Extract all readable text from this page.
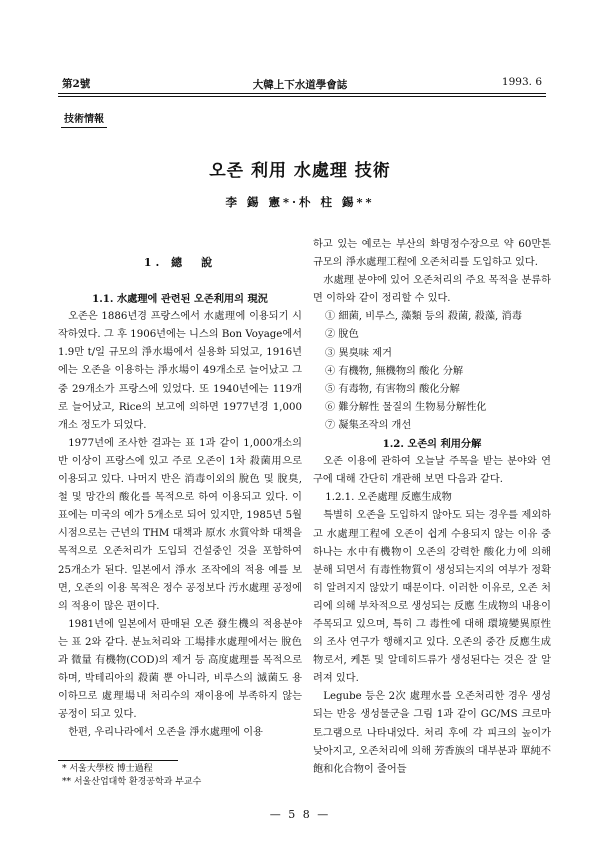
第2號	大韓上下水道學會誌	1993. 6
技術情報
오존 利用 水處理 技術
李 錫 憲*·朴 柱 錫**

1. 總　說

1.1. 水處理에 관련된 오존利用의 現況

오존은 1886년경 프랑스에서 水處理에 이용되기 시작하였다. 그 후 1906년에는 니스의 Bon Voyage에서 1.9만 t/일 규모의 淨水場에서 실용화 되었고, 1916년에는 오존을 이용하는 淨水場이 49개소로 늘어났고 그 중 29개소가 프랑스에 있었다. 또 1940년에는 119개로 늘어났고, Rice의 보고에 의하면 1977년경 1,000개소 정도가 되었다.

1977년에 조사한 결과는 표 1과 같이 1,000개소의 반 이상이 프랑스에 있고 주로 오존이 1차 殺菌用으로 이용되고 있다. 나머지 반은 消毒이외의 脫色 및 脫臭, 철 및 망간의 酸化를 목적으로 하여 이용되고 있다. 이 표에는 미국의 예가 5개소로 되어 있지만, 1985년 5월 시점으로는 근년의 THM 대책과 原水 水質악화 대책을 목적으로 오존처리가 도입되 건설중인 것을 포함하여 25개소가 된다. 일본에서 淨水 조작에의 적용 예를 보면, 오존의 이용 목적은 정수 공정보다 汚水處理 공정에의 적용이 많은 편이다.

1981년에 일본에서 판매된 오존 發生機의 적용분야는 표 2와 같다. 분뇨처리와 工場排水處理에서는 脫色과 微量 有機物(COD)의 제거 등 高度處理를 목적으로하며, 박테리아의 殺菌 뿐 아니라, 비루스의 滅菌도 용이하므로 處理場내 처리수의 재이용에 부족하지 않는 공정이 되고 있다.

한편, 우리나라에서 오존을 淨水處理에 이용

하고 있는 예로는 부산의 화명정수장으로 약 60만톤 규모의 淨水處理工程에 오존처리를 도입하고 있다.

水處理 분야에 있어 오존처리의 주요 목적을 분류하면 이하와 같이 정리할 수 있다.

① 細菌, 비루스, 藻類 등의 殺菌, 殺藻, 消毒
② 脫色
③ 異臭味 제거
④ 有機物, 無機物의 酸化 分解
⑤ 有毒物, 有害物의 酸化分解
⑥ 難分解性 물질의 生物易分解性化
⑦ 凝集조작의 개선

1.2. 오존의 利用分解

오존 이용에 관하여 오늘날 주목을 받는 분야와 연구에 대해 간단히 개관해 보면 다음과 같다.

1.2.1. 오존處理 反應生成物

특별히 오존을 도입하지 않아도 되는 경우를 제외하고 水處理工程에 오존이 쉽게 수용되지 않는 이유 중 하나는 水中有機物이 오존의 강력한 酸化力에 의해 분해 되면서 有毒性物質이 생성되는지의 여부가 정확히 알려지지 않았기 때문이다. 이러한 이유로, 오존 처리에 의해 부차적으로 생성되는 反應 生成物의 내용이 주목되고 있으며, 특히 그 毒性에 대해 環境變異原性의 조사 연구가 행해지고 있다. 오존의 중간 反應生成物로서, 케톤 및 알데히드류가 생성된다는 것은 잘 알려져 있다.

Legube 등은 2次 處理水를 오존처리한 경우 생성되는 반응 생성물군을 그림 1과 같이 GC/MS 크로마토그램으로 나타내었다. 처리 후에 각 피크의 높이가 낮아지고, 오존처리에 의해 芳香族의 대부분과 單純不飽和化合物이 줄어들

* 서울大學校 博士過程
** 서울산업대학 환경공학과 부교수
— 5 8 —
